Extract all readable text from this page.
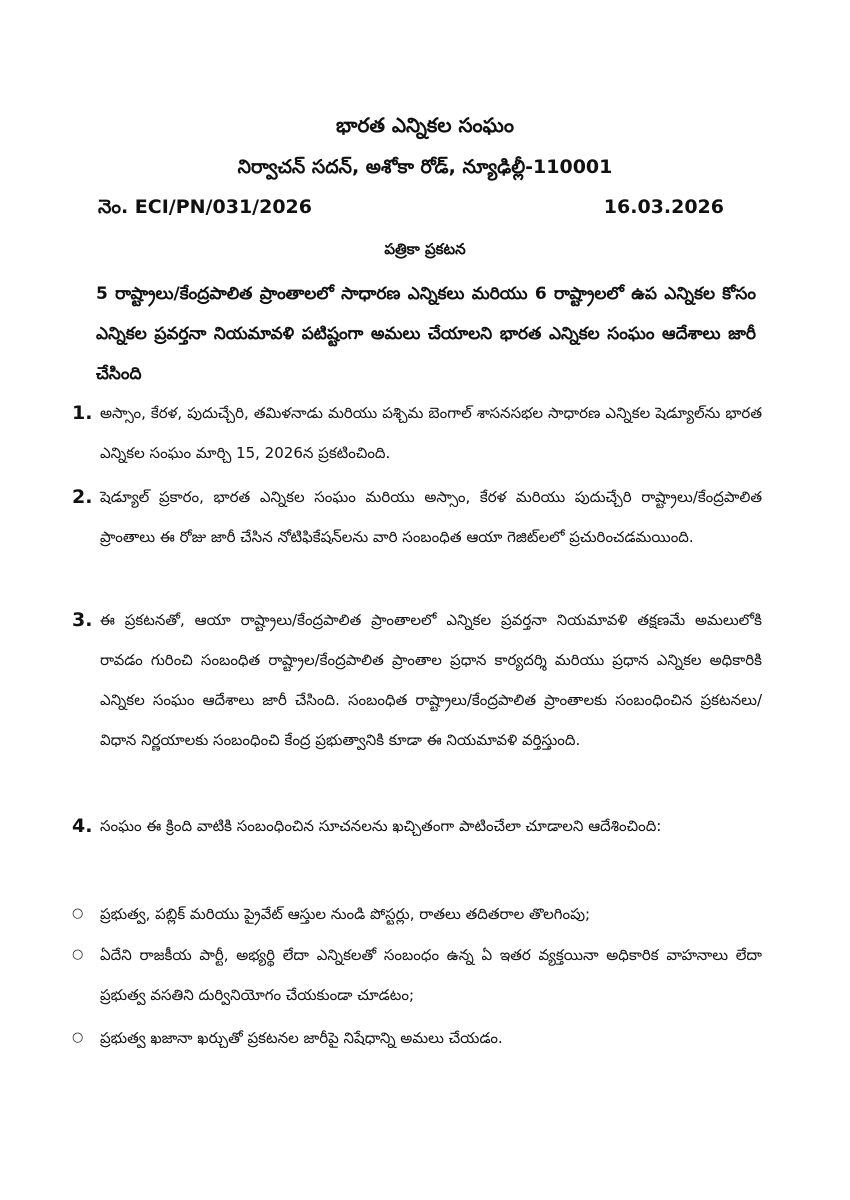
భారత ఎన్నికల సంఘం
నిర్వాచన్ సదన్, అశోకా రోడ్, న్యూఢిల్లీ-110001
నెం. ECI/PN/031/2026	16.03.2026
పత్రికా ప్రకటన
5 రాష్ట్రాలు/కేంద్రపాలిత ప్రాంతాలలో సాధారణ ఎన్నికలు మరియు 6 రాష్ట్రాలలో ఉప ఎన్నికల కోసం ఎన్నికల ప్రవర్తనా నియమావళి పటిష్టంగా అమలు చేయాలని భారత ఎన్నికల సంఘం ఆదేశాలు జారీ చేసింది
1. అస్సాం, కేరళ, పుదుచ్చేరి, తమిళనాడు మరియు పశ్చిమ బెంగాల్ శాసనసభల సాధారణ ఎన్నికల షెడ్యూల్‌ను భారత ఎన్నికల సంఘం మార్చి 15, 2026న ప్రకటించింది.
2. షెడ్యూల్ ప్రకారం, భారత ఎన్నికల సంఘం మరియు అస్సాం, కేరళ మరియు పుదుచ్చేరి రాష్ట్రాలు/కేంద్రపాలిత ప్రాంతాలు ఈ రోజు జారీ చేసిన నోటిఫికేషన్‌లను వారి సంబంధిత ఆయా గెజిట్‌లలో ప్రచురించడమయింది.
3. ఈ ప్రకటనతో, ఆయా రాష్ట్రాలు/కేంద్రపాలిత ప్రాంతాలలో ఎన్నికల ప్రవర్తనా నియమావళి తక్షణమే అమలులోకి రావడం గురించి సంబంధిత రాష్ట్రాల/కేంద్రపాలిత ప్రాంతాల ప్రధాన కార్యదర్శి మరియు ప్రధాన ఎన్నికల అధికారికి ఎన్నికల సంఘం ఆదేశాలు జారీ చేసింది. సంబంధిత రాష్ట్రాలు/కేంద్రపాలిత ప్రాంతాలకు సంబంధించిన ప్రకటనలు/విధాన నిర్ణయాలకు సంబంధించి కేంద్ర ప్రభుత్వానికి కూడా ఈ నియమావళి వర్తిస్తుంది.
4. సంఘం ఈ క్రింది వాటికి సంబంధించిన సూచనలను ఖచ్చితంగా పాటించేలా చూడాలని ఆదేశించింది:
○	ప్రభుత్వ, పబ్లిక్ మరియు ప్రైవేట్ ఆస్తుల నుండి పోస్టర్లు, రాతలు తదితరాల తొలగింపు;
○	ఏదేని రాజకీయ పార్టీ, అభ్యర్థి లేదా ఎన్నికలతో సంబంధం ఉన్న ఏ ఇతర వ్యక్తయినా అధికారిక వాహనాలు లేదా ప్రభుత్వ వసతిని దుర్వినియోగం చేయకుండా చూడటం;
○	ప్రభుత్వ ఖజానా ఖర్చుతో ప్రకటనల జారీపై నిషేధాన్ని అమలు చేయడం.
